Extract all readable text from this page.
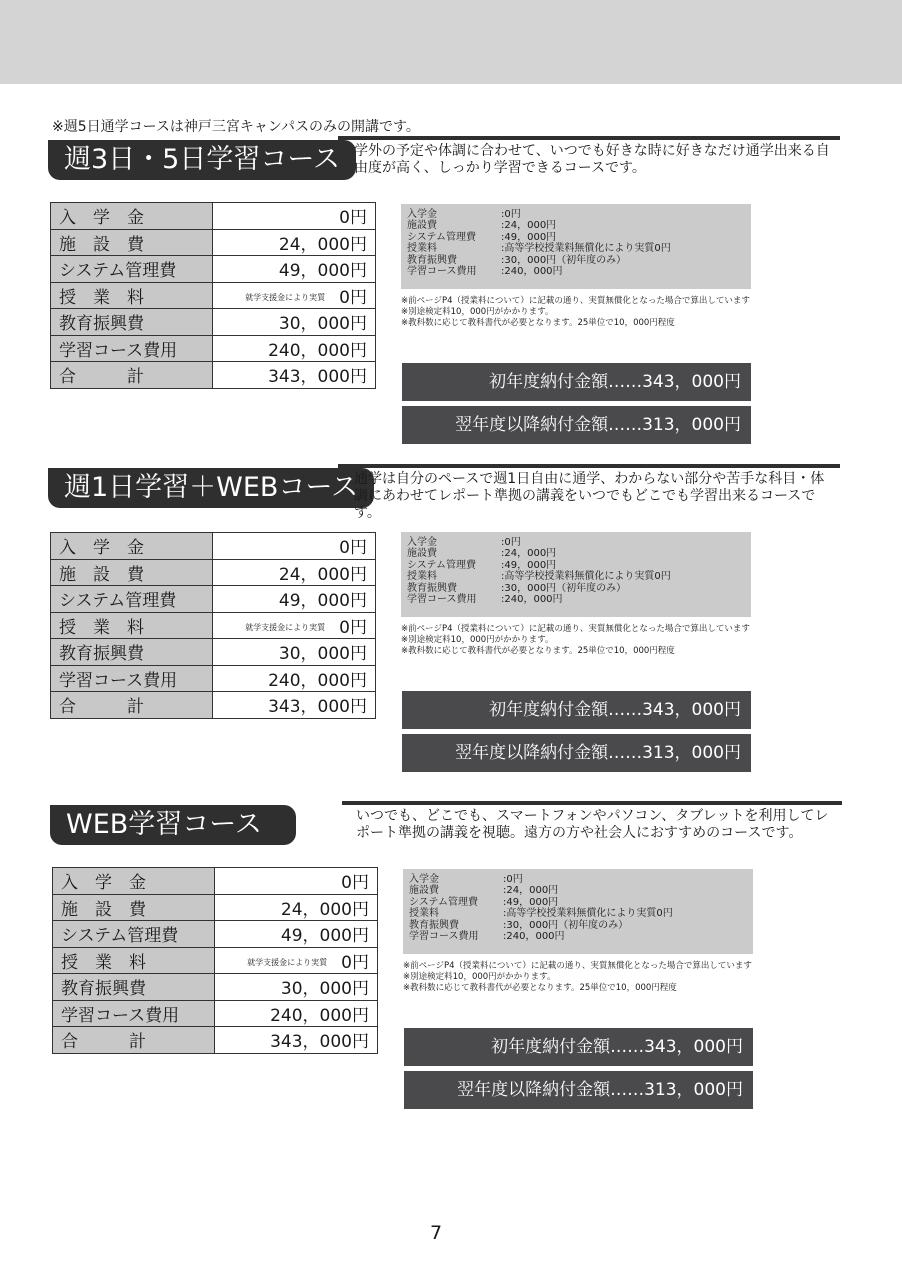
※週5日通学コースは神戸三宮キャンパスのみの開講です。
週3日・5日学習コース 学外の予定や体調に合わせて、いつでも好きな時に好きなだけ通学出来る自由度が高く、しっかり学習できるコースです。
入　学　金	0円
施　設　費	24，000円
システム管理費	49，000円
授　業　料	就学支援金により実質 0円
教育振興費	30，000円
学習コース費用	240，000円
合　　　計	343，000円
入学金	:0円
施設費	:24，000円
システム管理費	:49，000円
授業料	:高等学校授業料無償化により実質0円
教育振興費	:30，000円（初年度のみ）
学習コース費用	:240，000円
※前ページP4（授業料について）に記載の通り、実質無償化となった場合で算出しています
※別途検定料10，000円がかかります。
※教科数に応じて教科書代が必要となります。25単位で10，000円程度
初年度納付金額……343，000円
翌年度以降納付金額……313，000円
週1日学習＋WEBコース
通学は自分のペースで週1日自由に通学、わからない部分や苦手な科目・体調にあわせてレポート準拠の講義をいつでもどこでも学習出来るコースです。
入　学　金	0円
施　設　費	24，000円
システム管理費	49，000円
授　業　料	就学支援金により実質 0円
教育振興費	30，000円
学習コース費用	240，000円
合　　　計	343，000円
入学金	:0円
施設費	:24，000円
システム管理費	:49，000円
授業料	:高等学校授業料無償化により実質0円
教育振興費	:30，000円（初年度のみ）
学習コース費用	:240，000円
※前ページP4（授業料について）に記載の通り、実質無償化となった場合で算出しています
※別途検定料10，000円がかかります。
※教科数に応じて教科書代が必要となります。25単位で10，000円程度
初年度納付金額……343，000円
翌年度以降納付金額……313，000円
WEB学習コース	いつでも、どこでも、スマートフォンやパソコン、タブレットを利用してレポート準拠の講義を視聴。遠方の方や社会人におすすめのコースです。
入　学　金	0円
施　設　費	24，000円
システム管理費	49，000円
授　業　料	就学支援金により実質 0円
教育振興費	30，000円
学習コース費用	240，000円
合　　　計	343，000円
入学金	:0円
施設費	:24，000円
システム管理費	:49，000円
授業料	:高等学校授業料無償化により実質0円
教育振興費	:30，000円（初年度のみ）
学習コース費用	:240，000円
※前ページP4（授業料について）に記載の通り、実質無償化となった場合で算出しています
※別途検定料10，000円がかかります。
※教科数に応じて教科書代が必要となります。25単位で10，000円程度
初年度納付金額……343，000円
翌年度以降納付金額……313，000円
7
